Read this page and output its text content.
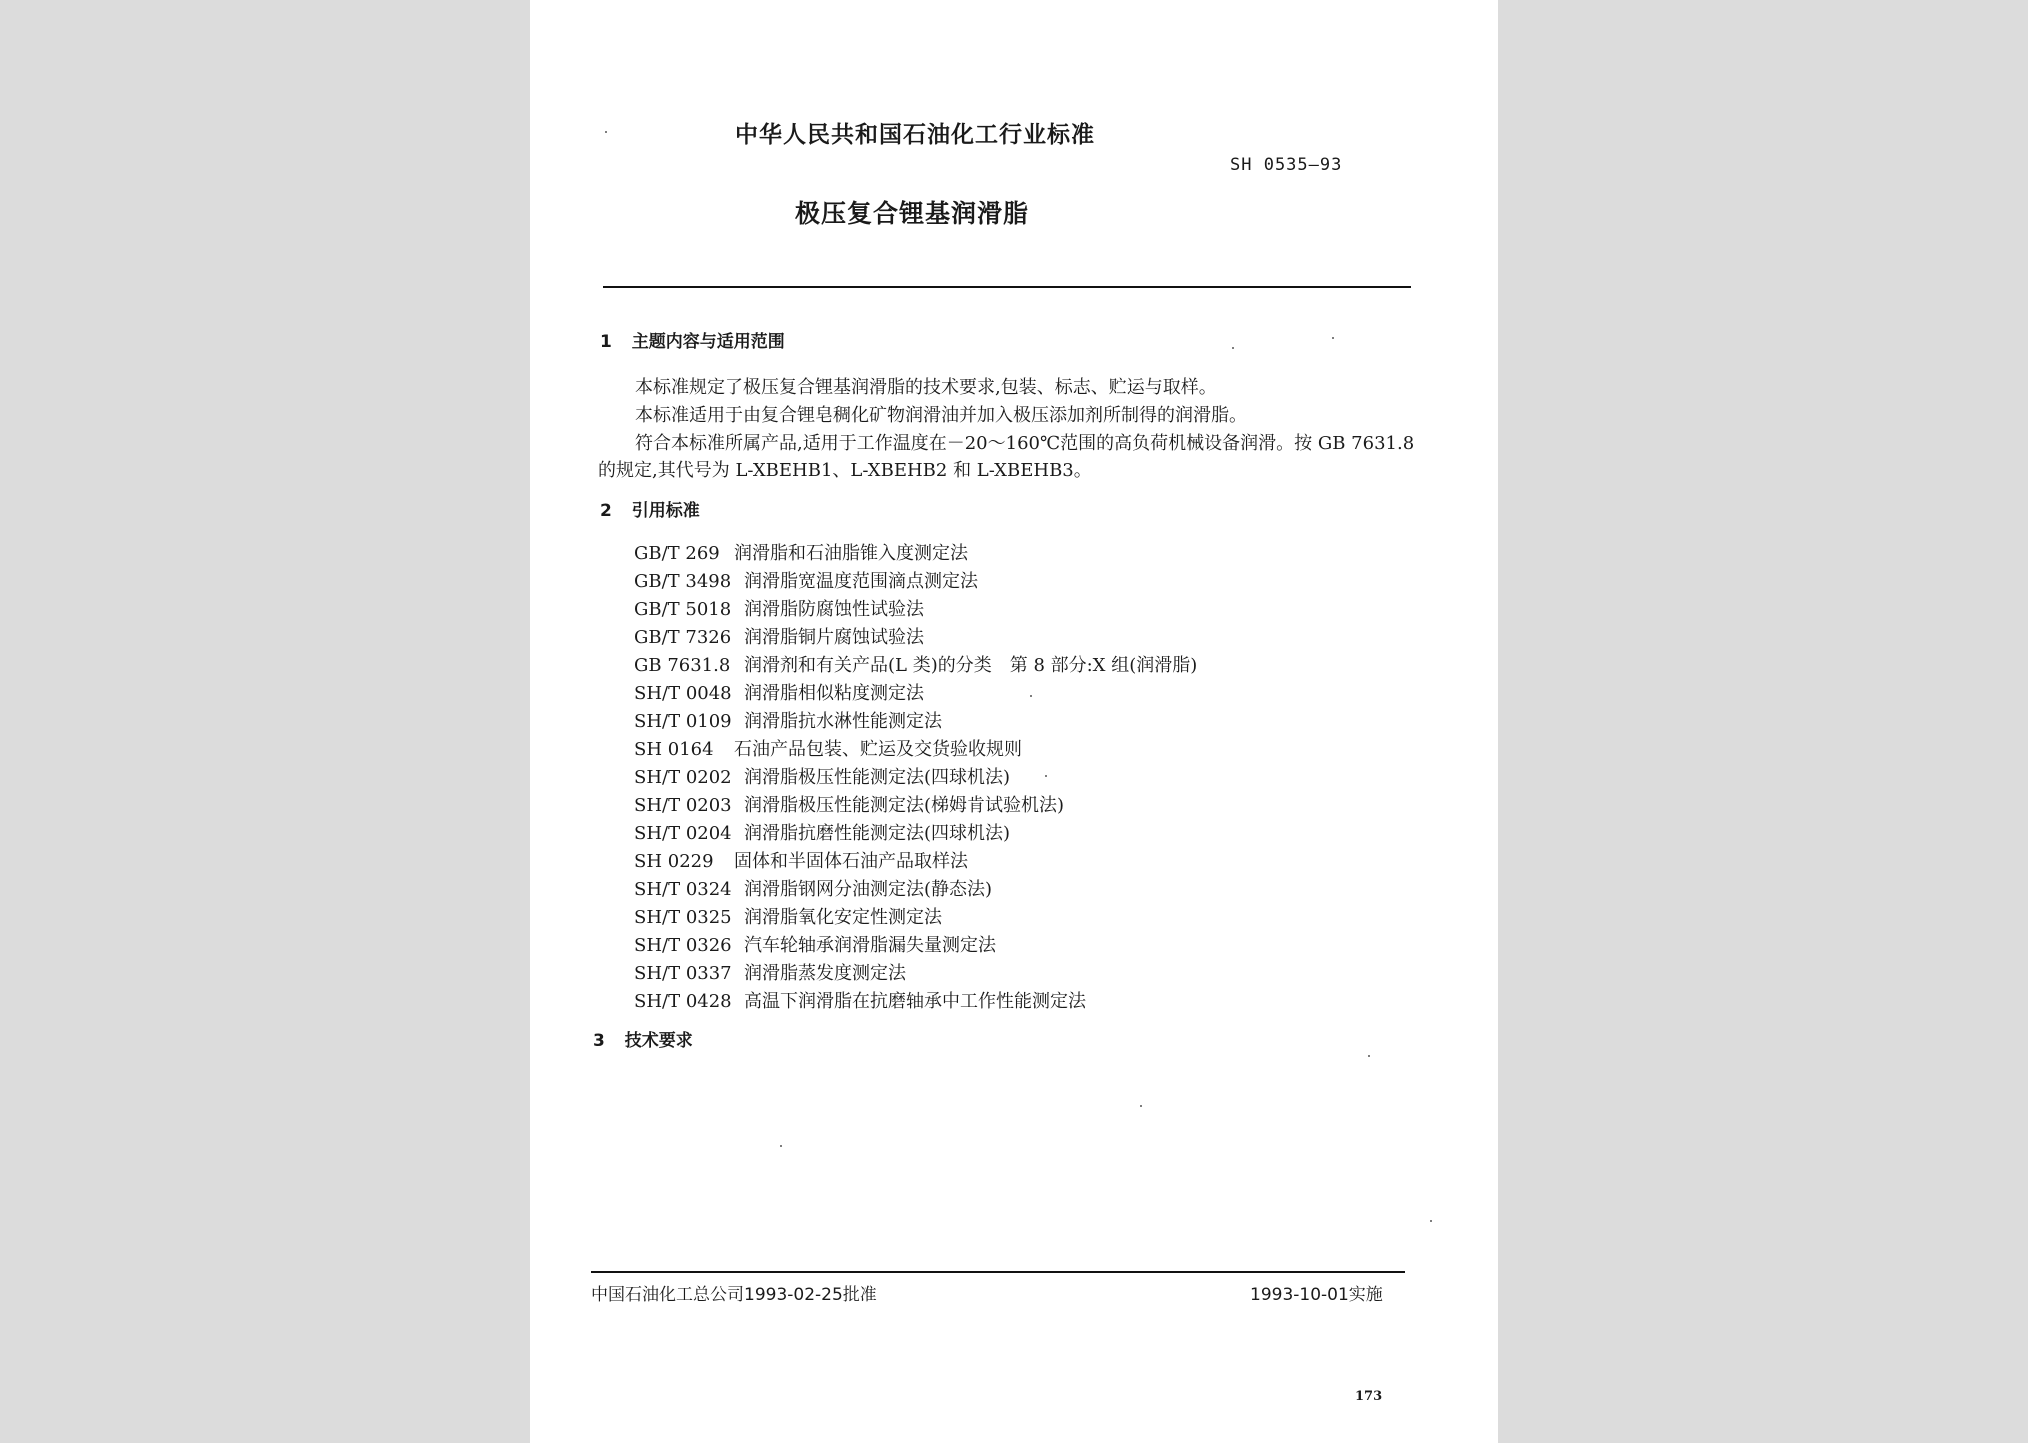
中华人民共和国石油化工行业标准
SH 0535—93
极压复合锂基润滑脂
1 主题内容与适用范围
本标准规定了极压复合锂基润滑脂的技术要求,包装、标志、贮运与取样。
本标准适用于由复合锂皂稠化矿物润滑油并加入极压添加剂所制得的润滑脂。
符合本标准所属产品,适用于工作温度在－20～160℃范围的高负荷机械设备润滑。按 GB 7631.8
的规定,其代号为 L-XBEHB1、L-XBEHB2 和 L-XBEHB3。
2 引用标准
GB/T 269 润滑脂和石油脂锥入度测定法
GB/T 3498 润滑脂宽温度范围滴点测定法
GB/T 5018 润滑脂防腐蚀性试验法
GB/T 7326 润滑脂铜片腐蚀试验法
GB 7631.8 润滑剂和有关产品(L 类)的分类　第 8 部分:X 组(润滑脂)
SH/T 0048 润滑脂相似粘度测定法
SH/T 0109 润滑脂抗水淋性能测定法
SH 0164 石油产品包装、贮运及交货验收规则
SH/T 0202 润滑脂极压性能测定法(四球机法)
SH/T 0203 润滑脂极压性能测定法(梯姆肯试验机法)
SH/T 0204 润滑脂抗磨性能测定法(四球机法)
SH 0229 固体和半固体石油产品取样法
SH/T 0324 润滑脂钢网分油测定法(静态法)
SH/T 0325 润滑脂氧化安定性测定法
SH/T 0326 汽车轮轴承润滑脂漏失量测定法
SH/T 0337 润滑脂蒸发度测定法
SH/T 0428 高温下润滑脂在抗磨轴承中工作性能测定法
3 技术要求
中国石油化工总公司1993-02-25批准	1993-10-01实施
173
